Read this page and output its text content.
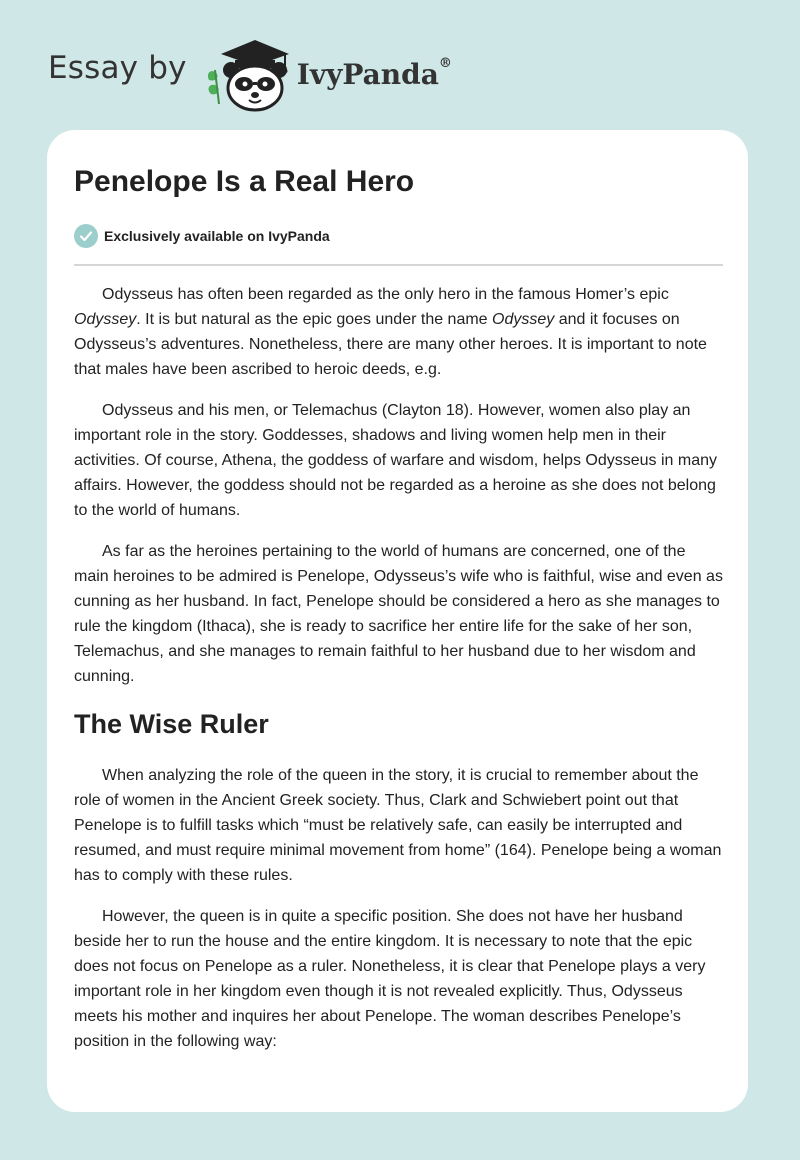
Essay by	IvyPanda®
Penelope Is a Real Hero
Exclusively available on IvyPanda

Odysseus has often been regarded as the only hero in the famous Homer’s epic Odyssey. It is but natural as the epic goes under the name Odyssey and it focuses on Odysseus’s adventures. Nonetheless, there are many other heroes. It is important to note that males have been ascribed to heroic deeds, e.g.

Odysseus and his men, or Telemachus (Clayton 18). However, women also play an important role in the story. Goddesses, shadows and living women help men in their activities. Of course, Athena, the goddess of warfare and wisdom, helps Odysseus in many affairs. However, the goddess should not be regarded as a heroine as she does not belong to the world of humans.

As far as the heroines pertaining to the world of humans are concerned, one of the main heroines to be admired is Penelope, Odysseus’s wife who is faithful, wise and even as cunning as her husband. In fact, Penelope should be considered a hero as she manages to rule the kingdom (Ithaca), she is ready to sacrifice her entire life for the sake of her son, Telemachus, and she manages to remain faithful to her husband due to her wisdom and cunning.

The Wise Ruler

When analyzing the role of the queen in the story, it is crucial to remember about the role of women in the Ancient Greek society. Thus, Clark and Schwiebert point out that Penelope is to fulfill tasks which “must be relatively safe, can easily be interrupted and resumed, and must require minimal movement from home” (164). Penelope being a woman has to comply with these rules.

However, the queen is in quite a specific position. She does not have her husband beside her to run the house and the entire kingdom. It is necessary to note that the epic does not focus on Penelope as a ruler. Nonetheless, it is clear that Penelope plays a very important role in her kingdom even though it is not revealed explicitly. Thus, Odysseus meets his mother and inquires her about Penelope. The woman describes Penelope’s position in the following way:
